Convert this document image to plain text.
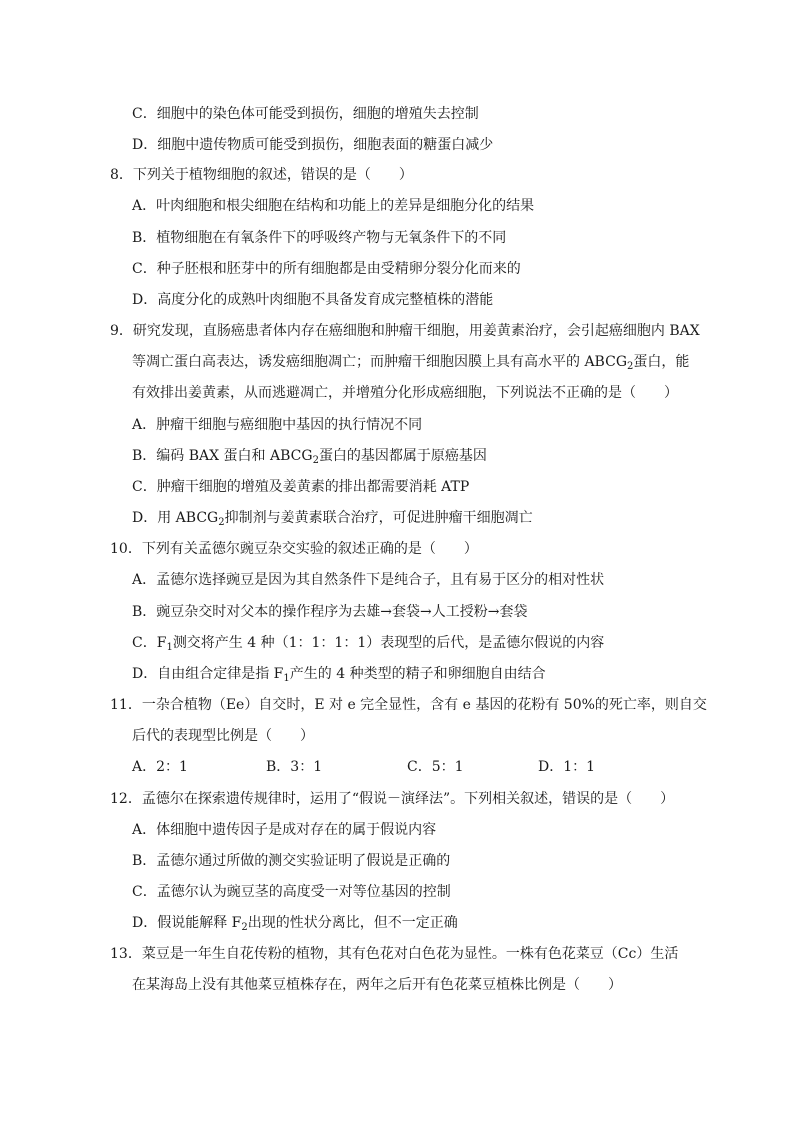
C．细胞中的染色体可能受到损伤，细胞的增殖失去控制
D．细胞中遗传物质可能受到损伤，细胞表面的糖蛋白减少
8．下列关于植物细胞的叙述，错误的是（　　）
A．叶肉细胞和根尖细胞在结构和功能上的差异是细胞分化的结果
B．植物细胞在有氧条件下的呼吸终产物与无氧条件下的不同
C．种子胚根和胚芽中的所有细胞都是由受精卵分裂分化而来的
D．高度分化的成熟叶肉细胞不具备发育成完整植株的潜能
9．研究发现，直肠癌患者体内存在癌细胞和肿瘤干细胞，用姜黄素治疗，会引起癌细胞内 BAX
等凋亡蛋白高表达，诱发癌细胞凋亡；而肿瘤干细胞因膜上具有高水平的 $ABCG_2$蛋白，能
有效排出姜黄素，从而逃避凋亡，并增殖分化形成癌细胞，下列说法不正确的是（　　）
A．肿瘤干细胞与癌细胞中基因的执行情况不同
B．编码 BAX 蛋白和 $ABCG_2$蛋白的基因都属于原癌基因
C．肿瘤干细胞的增殖及姜黄素的排出都需要消耗 ATP
D．用 $ABCG_2$抑制剂与姜黄素联合治疗，可促进肿瘤干细胞凋亡
10．下列有关孟德尔豌豆杂交实验的叙述正确的是（　　）
A．孟德尔选择豌豆是因为其自然条件下是纯合子，且有易于区分的相对性状
B．豌豆杂交时对父本的操作程序为去雄→套袋→人工授粉→套袋
C．$F_1$测交将产生 4 种（1：1：1：1）表现型的后代，是孟德尔假说的内容
D．自由组合定律是指 $F_1$产生的 4 种类型的精子和卵细胞自由结合
11．一杂合植物（Ee）自交时，E 对 e 完全显性，含有 e 基因的花粉有 50%的死亡率，则自交
后代的表现型比例是（　　）
A．2：1	B．3：1	C．5：1	D．1：1
12．孟德尔在探索遗传规律时，运用了“假说－演绎法”。下列相关叙述，错误的是（　　）
A．体细胞中遗传因子是成对存在的属于假说内容
B．孟德尔通过所做的测交实验证明了假说是正确的
C．孟德尔认为豌豆茎的高度受一对等位基因的控制
D．假说能解释 $F_2$出现的性状分离比，但不一定正确
13．菜豆是一年生自花传粉的植物，其有色花对白色花为显性。一株有色花菜豆（Cc）生活
在某海岛上没有其他菜豆植株存在，两年之后开有色花菜豆植株比例是（　　）
